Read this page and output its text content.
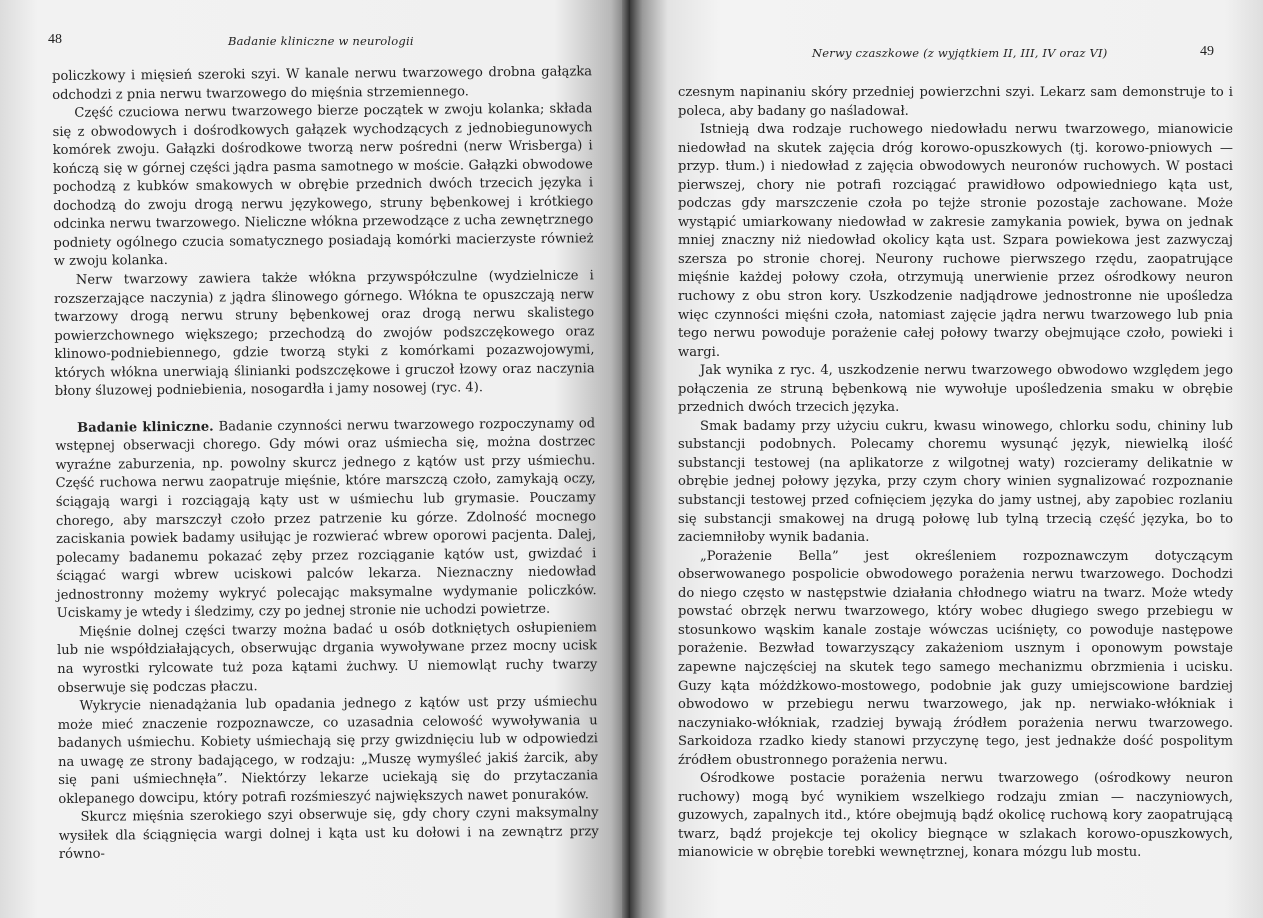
48	Badanie kliniczne w neurologii

policzkowy i mięsień szeroki szyi. W kanale nerwu twarzowego drobna gałązka odchodzi z pnia nerwu twarzowego do mięśnia strzemiennego.

Część czuciowa nerwu twarzowego bierze początek w zwoju kolanka; składa się z obwodowych i dośrodkowych gałązek wychodzących z jednobiegunowych komórek zwoju. Gałązki dośrodkowe tworzą nerw pośredni (nerw Wrisberga) i kończą się w górnej części jądra pasma samotnego w moście. Gałązki obwodowe pochodzą z kubków smakowych w obrębie przednich dwóch trzecich języka i dochodzą do zwoju drogą nerwu językowego, struny bębenkowej i krótkiego odcinka nerwu twarzowego. Nieliczne włókna przewodzące z ucha zewnętrznego podniety ogólnego czucia somatycznego posiadają komórki macierzyste również w zwoju kolanka.

Nerw twarzowy zawiera także włókna przywspółczulne (wydzielnicze i rozszerzające naczynia) z jądra ślinowego górnego. Włókna te opuszczają nerw twarzowy drogą nerwu struny bębenkowej oraz drogą nerwu skalistego powierzchownego większego; przechodzą do zwojów podszczękowego oraz klinowo-podniebiennego, gdzie tworzą styki z komórkami pozazwojowymi, których włókna unerwiają ślinianki podszczękowe i gruczoł łzowy oraz naczynia błony śluzowej podniebienia, nosogardła i jamy nosowej (ryc. 4).

Badanie kliniczne. Badanie czynności nerwu twarzowego rozpoczynamy od wstępnej obserwacji chorego. Gdy mówi oraz uśmiecha się, można dostrzec wyraźne zaburzenia, np. powolny skurcz jednego z kątów ust przy uśmiechu. Część ruchowa nerwu zaopatruje mięśnie, które marszczą czoło, zamykają oczy, ściągają wargi i rozciągają kąty ust w uśmiechu lub grymasie. Pouczamy chorego, aby marszczył czoło przez patrzenie ku górze. Zdolność mocnego zaciskania powiek badamy usiłując je rozwierać wbrew oporowi pacjenta. Dalej, polecamy badanemu pokazać zęby przez rozciąganie kątów ust, gwizdać i ściągać wargi wbrew uciskowi palców lekarza. Nieznaczny niedowład jednostronny możemy wykryć polecając maksymalne wydymanie policzków. Uciskamy je wtedy i śledzimy, czy po jednej stronie nie uchodzi powietrze.

Mięśnie dolnej części twarzy można badać u osób dotkniętych osłupieniem lub nie współdziałających, obserwując drgania wywoływane przez mocny ucisk na wyrostki rylcowate tuż poza kątami żuchwy. U niemowląt ruchy twarzy obserwuje się podczas płaczu.

Wykrycie nienadążania lub opadania jednego z kątów ust przy uśmiechu może mieć znaczenie rozpoznawcze, co uzasadnia celowość wywoływania u badanych uśmiechu. Kobiety uśmiechają się przy gwizdnięciu lub w odpowiedzi na uwagę ze strony badającego, w rodzaju: „Muszę wymyśleć jakiś żarcik, aby się pani uśmiechnęła”. Niektórzy lekarze uciekają się do przytaczania oklepanego dowcipu, który potrafi rozśmieszyć największych nawet ponuraków.

Skurcz mięśnia szerokiego szyi obserwuje się, gdy chory czyni maksymalny wysiłek dla ściągnięcia wargi dolnej i kąta ust ku dołowi i na zewnątrz przy równo-

Nerwy czaszkowe (z wyjątkiem II, III, IV oraz VI)	49

czesnym napinaniu skóry przedniej powierzchni szyi. Lekarz sam demonstruje to i poleca, aby badany go naśladował.

Istnieją dwa rodzaje ruchowego niedowładu nerwu twarzowego, mianowicie niedowład na skutek zajęcia dróg korowo-opuszkowych (tj. korowo-pniowych — przyp. tłum.) i niedowład z zajęcia obwodowych neuronów ruchowych. W postaci pierwszej, chory nie potrafi rozciągać prawidłowo odpowiedniego kąta ust, podczas gdy marszczenie czoła po tejże stronie pozostaje zachowane. Może wystąpić umiarkowany niedowład w zakresie zamykania powiek, bywa on jednak mniej znaczny niż niedowład okolicy kąta ust. Szpara powiekowa jest zazwyczaj szersza po stronie chorej. Neurony ruchowe pierwszego rzędu, zaopatrujące mięśnie każdej połowy czoła, otrzymują unerwienie przez ośrodkowy neuron ruchowy z obu stron kory. Uszkodzenie nadjądrowe jednostronne nie upośledza więc czynności mięśni czoła, natomiast zajęcie jądra nerwu twarzowego lub pnia tego nerwu powoduje porażenie całej połowy twarzy obejmujące czoło, powieki i wargi.

Jak wynika z ryc. 4, uszkodzenie nerwu twarzowego obwodowo względem jego połączenia ze struną bębenkową nie wywołuje upośledzenia smaku w obrębie przednich dwóch trzecich języka.

Smak badamy przy użyciu cukru, kwasu winowego, chlorku sodu, chininy lub substancji podobnych. Polecamy choremu wysunąć język, niewielką ilość substancji testowej (na aplikatorze z wilgotnej waty) rozcieramy delikatnie w obrębie jednej połowy języka, przy czym chory winien sygnalizować rozpoznanie substancji testowej przed cofnięciem języka do jamy ustnej, aby zapobiec rozlaniu się substancji smakowej na drugą połowę lub tylną trzecią część języka, bo to zaciemniłoby wynik badania.

„Porażenie Bella” jest określeniem rozpoznawczym dotyczącym obserwowanego pospolicie obwodowego porażenia nerwu twarzowego. Dochodzi do niego często w następstwie działania chłodnego wiatru na twarz. Może wtedy powstać obrzęk nerwu twarzowego, który wobec długiego swego przebiegu w stosunkowo wąskim kanale zostaje wówczas uciśnięty, co powoduje następowe porażenie. Bezwład towarzyszący zakażeniom usznym i oponowym powstaje zapewne najczęściej na skutek tego samego mechanizmu obrzmienia i ucisku. Guzy kąta móżdżkowo-mostowego, podobnie jak guzy umiejscowione bardziej obwodowo w przebiegu nerwu twarzowego, jak np. nerwiako-włókniak i naczyniako-włókniak, rzadziej bywają źródłem porażenia nerwu twarzowego. Sarkoidoza rzadko kiedy stanowi przyczynę tego, jest jednakże dość pospolitym źródłem obustronnego porażenia nerwu.

Ośrodkowe postacie porażenia nerwu twarzowego (ośrodkowy neuron ruchowy) mogą być wynikiem wszelkiego rodzaju zmian — naczyniowych, guzowych, zapalnych itd., które obejmują bądź okolicę ruchową kory zaopatrującą twarz, bądź projekcje tej okolicy biegnące w szlakach korowo-opuszkowych, mianowicie w obrębie torebki wewnętrznej, konara mózgu lub mostu.
